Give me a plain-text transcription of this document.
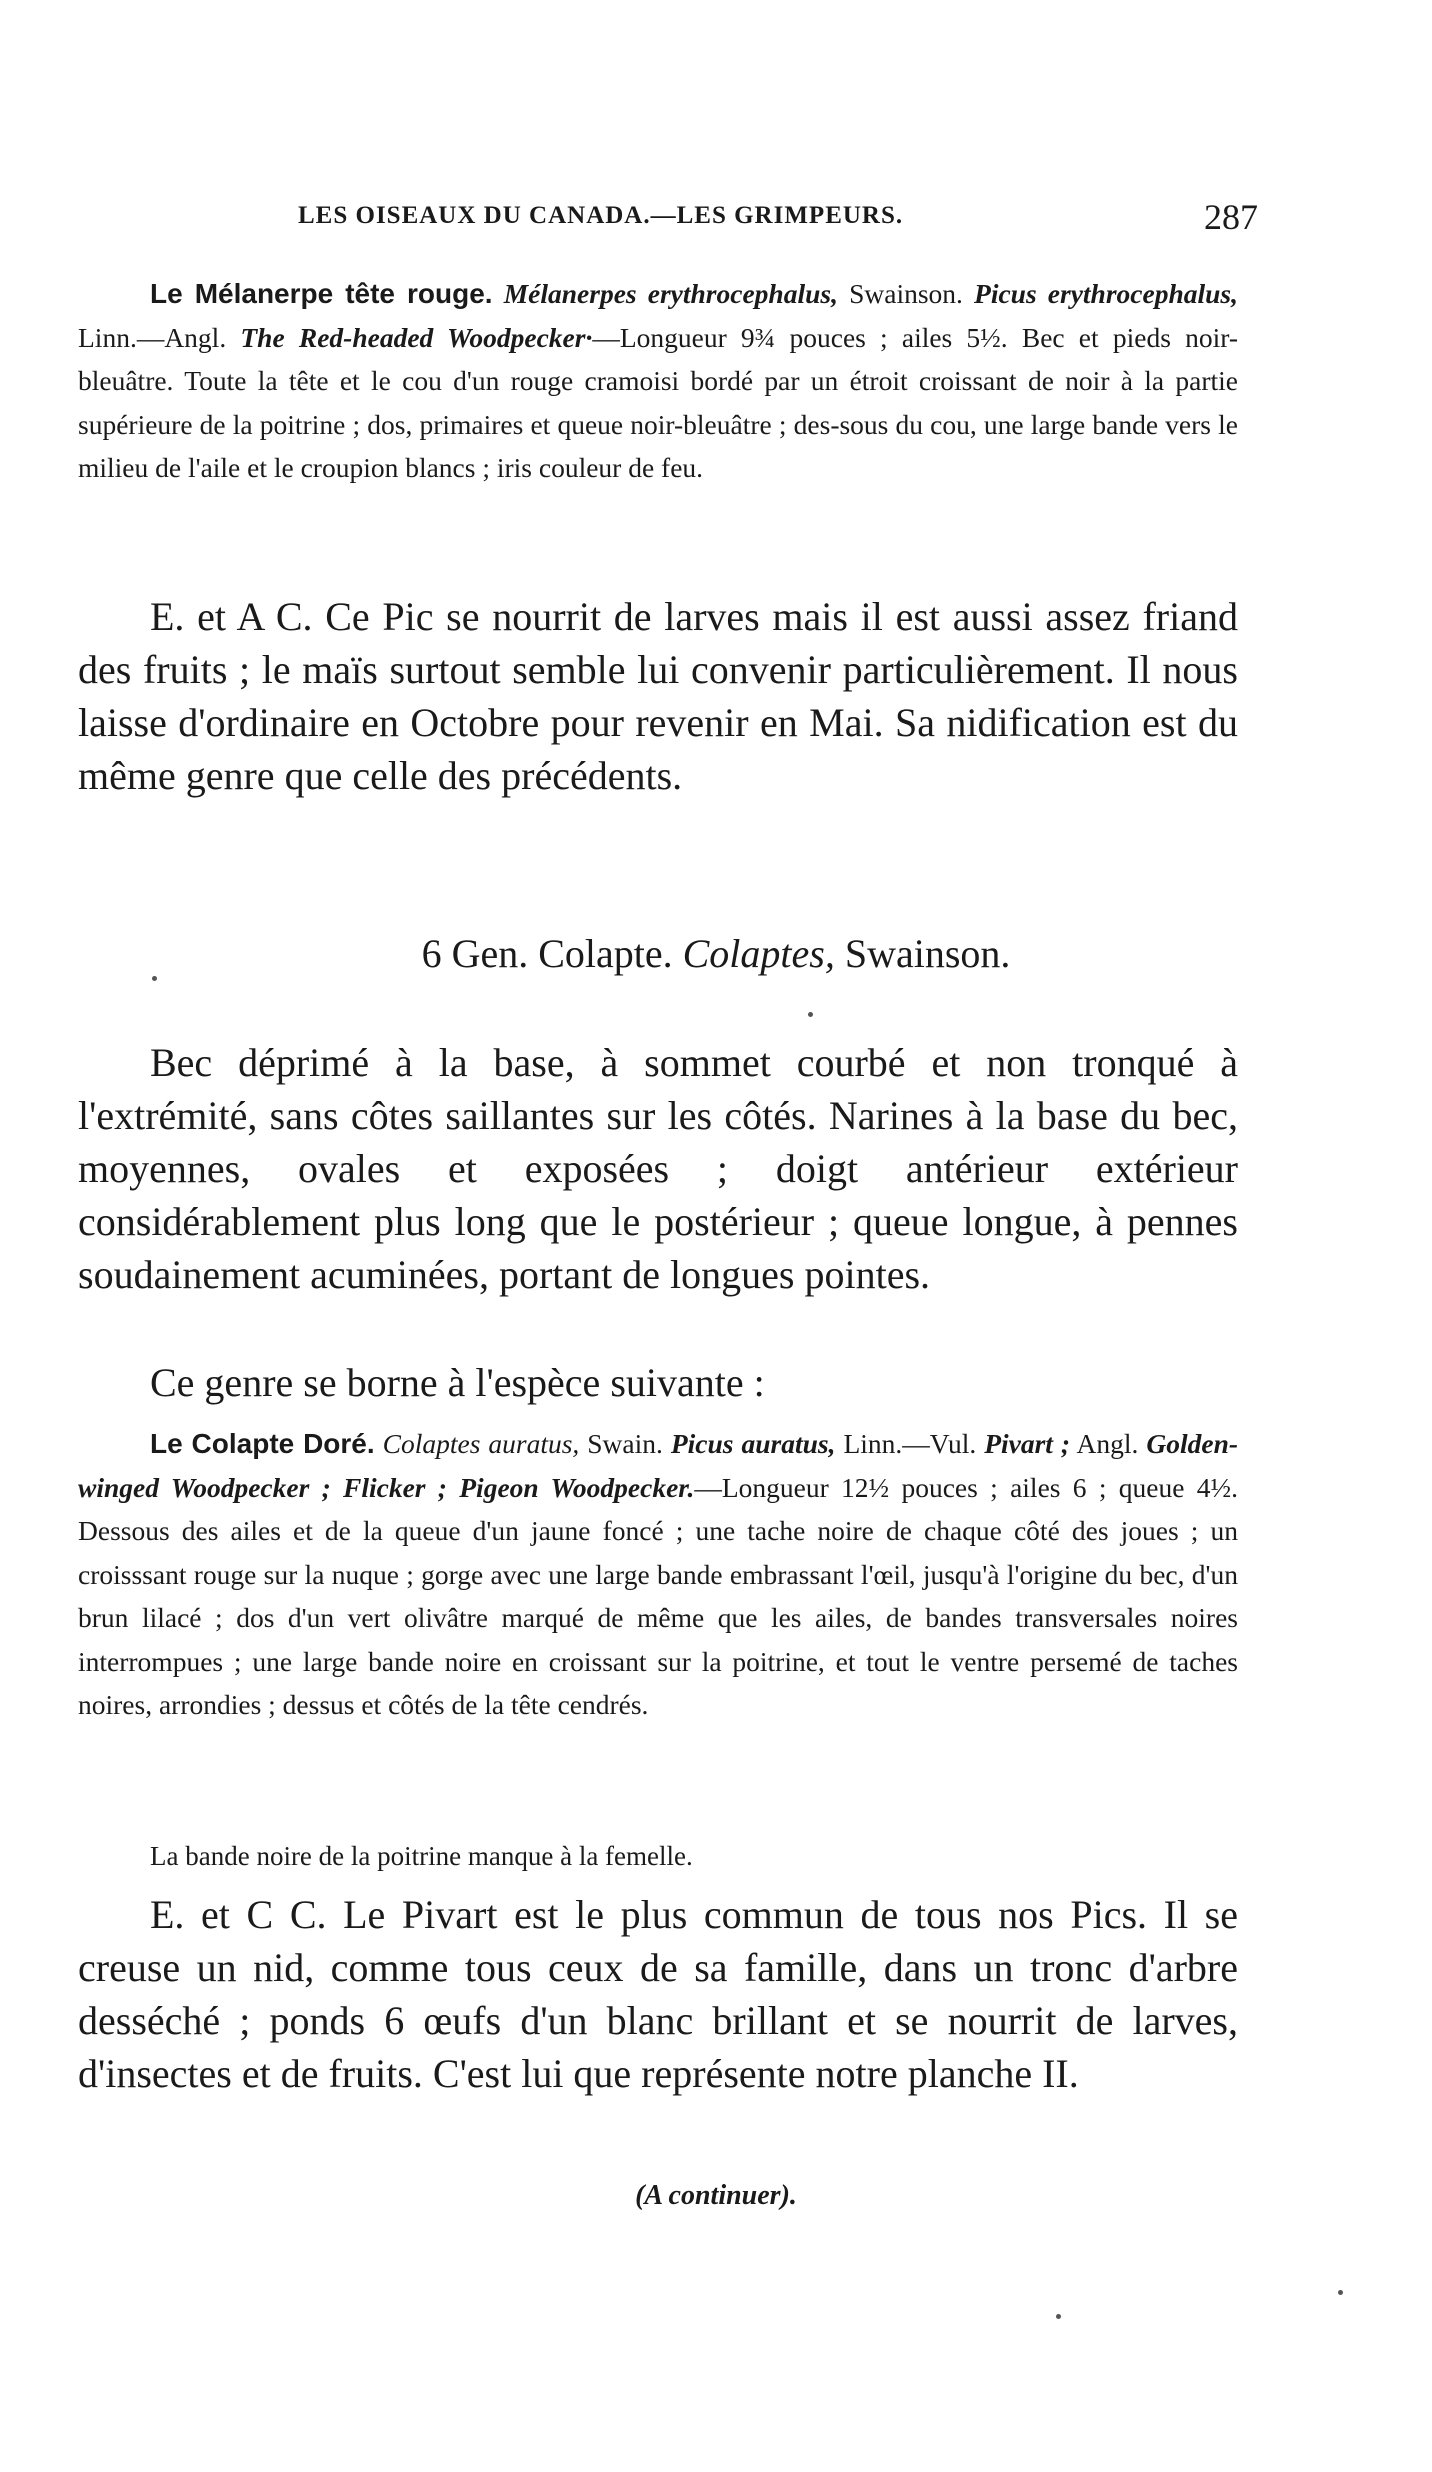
LES OISEAUX DU CANADA.—LES GRIMPEURS.	287

Le Mélanerpe tête rouge. Mélanerpes erythrocephalus, Swainson. Picus erythrocephalus, Linn.—Angl. The Red-headed Woodpecker·—Longueur 9¾ pouces ; ailes 5½. Bec et pieds noir-bleuâtre. Toute la tête et le cou d'un rouge cramoisi bordé par un étroit croissant de noir à la partie supérieure de la poitrine ; dos, primaires et queue noir-bleuâtre ; des-sous du cou, une large bande vers le milieu de l'aile et le croupion blancs ; iris couleur de feu.

E. et A C. Ce Pic se nourrit de larves mais il est aussi assez friand des fruits ; le maïs surtout semble lui convenir particulièrement. Il nous laisse d'ordinaire en Octobre pour revenir en Mai. Sa nidification est du même genre que celle des précédents.

6 Gen. Colapte. Colaptes, Swainson.

Bec déprimé à la base, à sommet courbé et non tronqué à l'extrémité, sans côtes saillantes sur les côtés. Narines à la base du bec, moyennes, ovales et exposées ; doigt antérieur extérieur considérablement plus long que le postérieur ; queue longue, à pennes soudainement acuminées, portant de longues pointes.

Ce genre se borne à l'espèce suivante :

Le Colapte Doré. Colaptes auratus, Swain. Picus auratus, Linn.—Vul. Pivart ; Angl. Golden-winged Woodpecker ; Flicker ; Pigeon Woodpecker.—Longueur 12½ pouces ; ailes 6 ; queue 4½. Dessous des ailes et de la queue d'un jaune foncé ; une tache noire de chaque côté des joues ; un croisssant rouge sur la nuque ; gorge avec une large bande embrassant l'œil, jusqu'à l'origine du bec, d'un brun lilacé ; dos d'un vert olivâtre marqué de même que les ailes, de bandes transversales noires interrompues ; une large bande noire en croissant sur la poitrine, et tout le ventre persemé de taches noires, arrondies ; dessus et côtés de la tête cendrés.

La bande noire de la poitrine manque à la femelle.

E. et C C. Le Pivart est le plus commun de tous nos Pics. Il se creuse un nid, comme tous ceux de sa famille, dans un tronc d'arbre desséché ; ponds 6 œufs d'un blanc brillant et se nourrit de larves, d'insectes et de fruits. C'est lui que représente notre planche II.

(A continuer).
